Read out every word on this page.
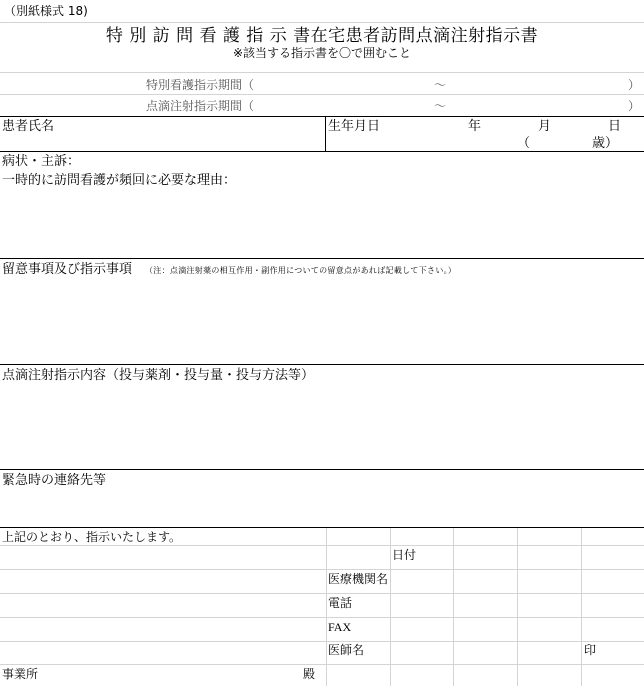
（別紙様式 18)
特 別 訪 問 看 護 指 示 書在宅患者訪問点滴注射指示書
※該当する指示書を〇で囲むこと
特別看護指示期間（	～	）
点滴注射指示期間（	～	）
患者氏名	生年月日	年	月	日
（	歳）
病状・主訴：
一時的に訪問看護が頻回に必要な理由：
留意事項及び指示事項 （注：点滴注射薬の相互作用・副作用についての留意点があれば記載して下さい。）
点滴注射指示内容（投与薬剤・投与量・投与方法等）
緊急時の連絡先等
上記のとおり、指示いたします。
日付
医療機関名
電話
FAX
医師名	印
事業所	殿
